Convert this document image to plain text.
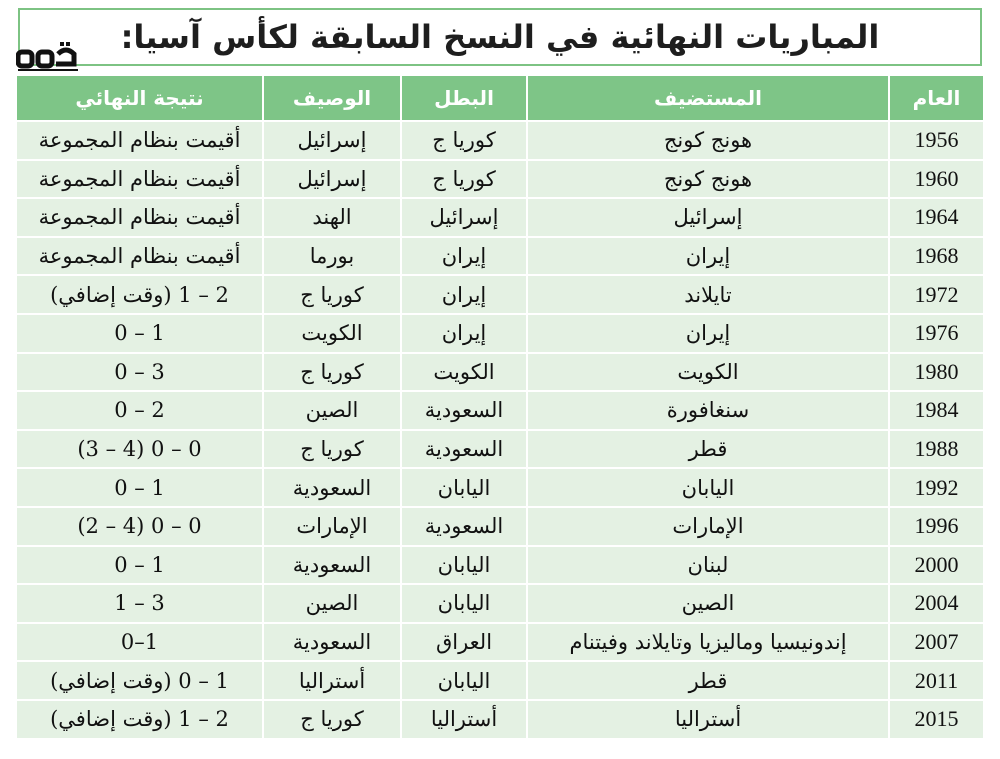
المباريات النهائية في النسخ السابقة لكأس آسيا:
العام	المستضيف	البطل	الوصيف	نتيجة النهائي
1956	هونج كونج	كوريا ج	إسرائيل	أقيمت بنظام المجموعة
1960	هونج كونج	كوريا ج	إسرائيل	أقيمت بنظام المجموعة
1964	إسرائيل	إسرائيل	الهند	أقيمت بنظام المجموعة
1968	إيران	إيران	بورما	أقيمت بنظام المجموعة
1972	تايلاند	إيران	كوريا ج	2 – 1 (وقت إضافي)
1976	إيران	إيران	الكويت	1 – 0
1980	الكويت	الكويت	كوريا ج	3 – 0
1984	سنغافورة	السعودية	الصين	2 – 0
1988	قطر	السعودية	كوريا ج	0 – 0 (4 – 3)
1992	اليابان	اليابان	السعودية	1 – 0
1996	الإمارات	السعودية	الإمارات	0 – 0 (4 – 2)
2000	لبنان	اليابان	السعودية	1 – 0
2004	الصين	اليابان	الصين	3 – 1
2007	إندونيسيا وماليزيا وتايلاند وفيتنام	العراق	السعودية	1–0
2011	قطر	اليابان	أستراليا	1 – 0 (وقت إضافي)
2015	أستراليا	أستراليا	كوريا ج	2 – 1 (وقت إضافي)
